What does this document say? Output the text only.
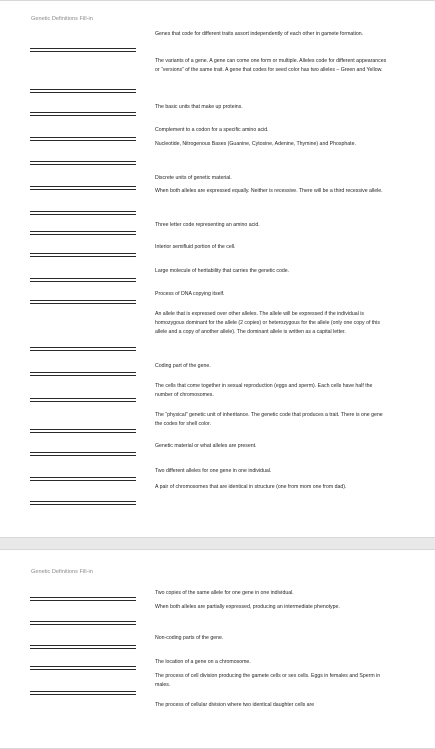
Genetic Definitions Fill-in
Genes that code for different traits assort independently of each other in gamete formation.
The variants of a gene. A gene can come one form or multiple. Alleles code for different appearances or “versions” of the same trait. A gene that codes for seed color has two alleles – Green and Yellow.
The basic units that make up proteins.
Complement to a codon for a specific amino acid.
Nucleotide, Nitrogenous Bases (Guanine, Cytosine, Adenine, Thymine) and Phosphate.
Discrete units of genetic material.
When both alleles are expressed equally. Neither is recessive. There will be a third recessive allele.
Three letter code representing an amino acid.
Interior semifluid portion of the cell.
Large molecule of heritability that carries the genetic code.
Process of DNA copying itself.
An allele that is expressed over other alleles. The allele will be expressed if the individual is homozygous dominant for the allele (2 copies) or heterozygous for the allele (only one copy of this allele and a copy of another allele). The dominant allele is written as a capital letter.
Coding part of the gene.
The cells that come together in sexual reproduction (eggs and sperm). Each cells have half the number of chromosomes.
The “physical” genetic unit of inheritance. The genetic code that produces a trait. There is one gene the codes for shell color.
Genetic material or what alleles are present.
Two different alleles for one gene in one individual.
A pair of chromosomes that are identical in structure (one from mom one from dad).
Genetic Definitions Fill-in
Two copies of the same allele for one gene in one individual.
When both alleles are partially expressed, producing an intermediate phenotype.
Non-coding parts of the gene.
The location of a gene on a chromosome.
The process of cell division producing the gamete cells or sex cells. Eggs in females and Sperm in males.
The process of cellular division where two identical daughter cells are
